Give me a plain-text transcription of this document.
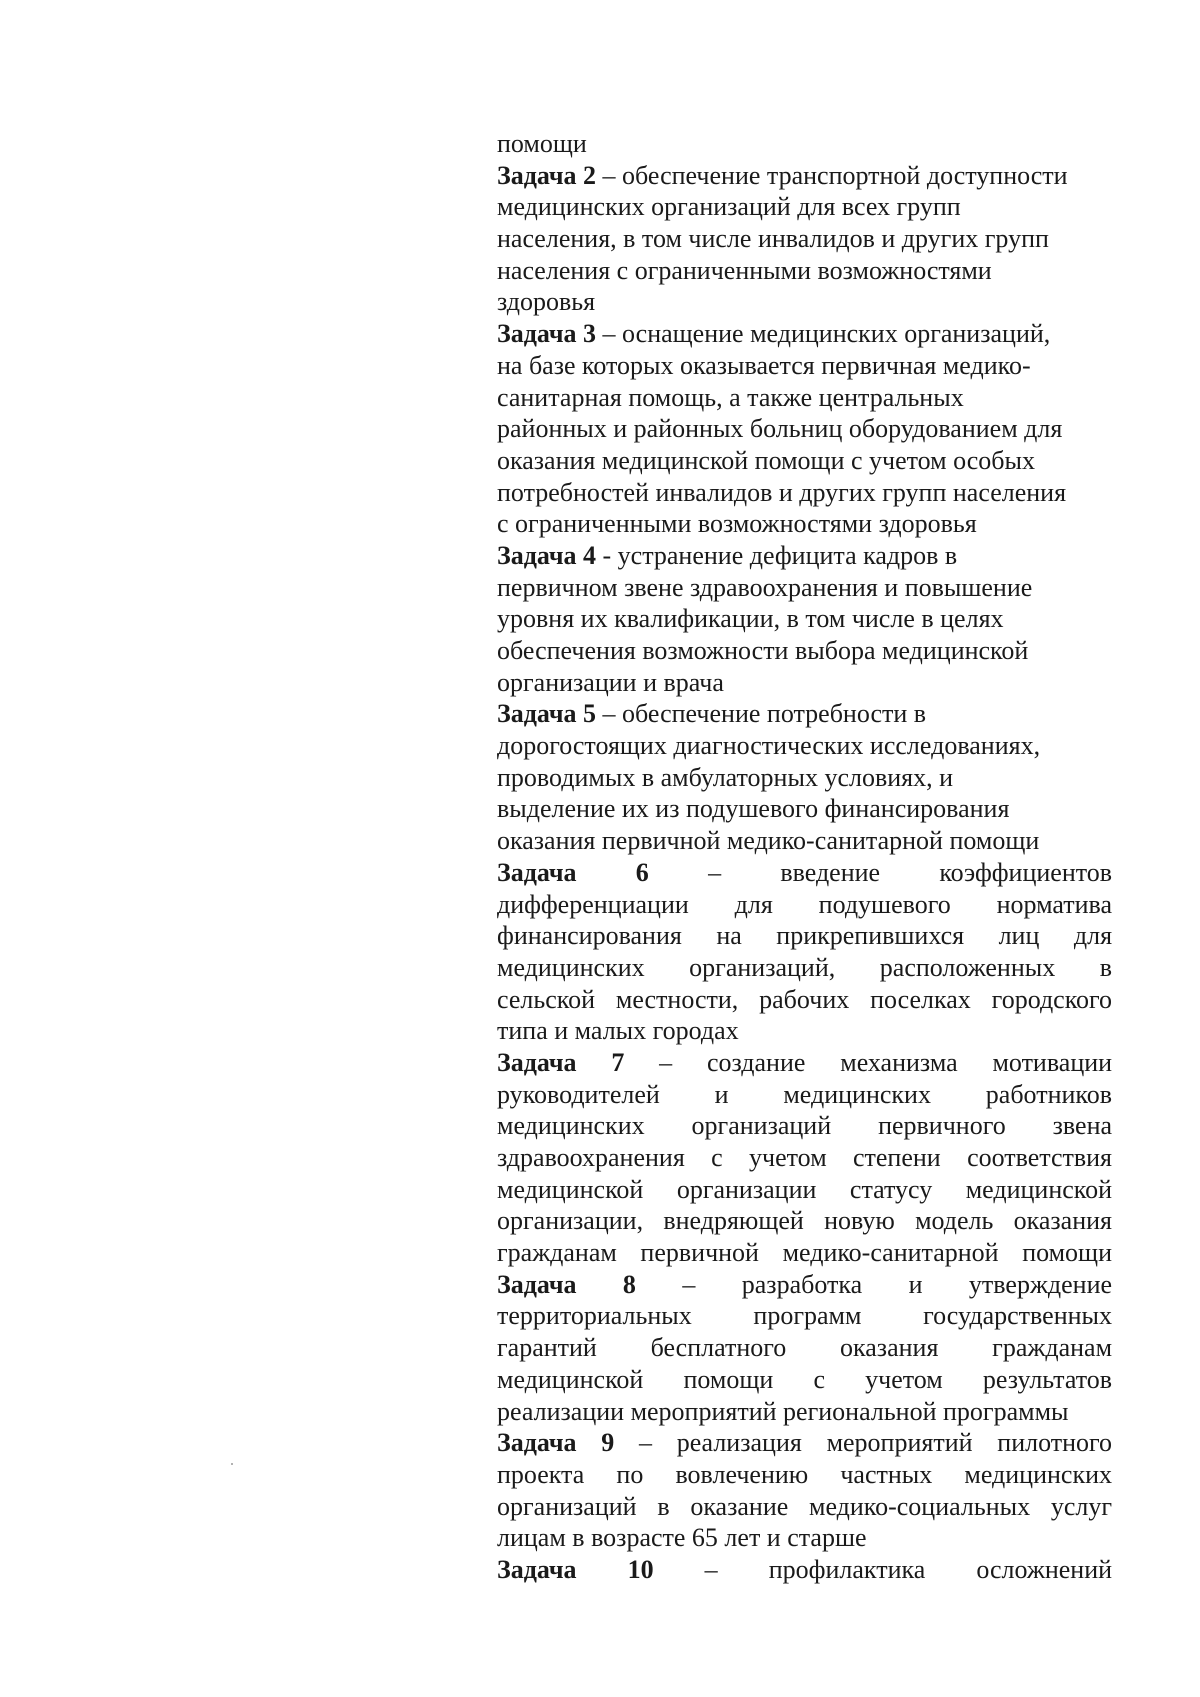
помощи
Задача 2 – обеспечение транспортной доступности
медицинских организаций для всех групп
населения, в том числе инвалидов и других групп
населения с ограниченными возможностями
здоровья
Задача 3 – оснащение медицинских организаций,
на базе которых оказывается первичная медико-
санитарная помощь, а также центральных
районных и районных больниц оборудованием для
оказания медицинской помощи с учетом особых
потребностей инвалидов и других групп населения
с ограниченными возможностями здоровья
Задача 4 - устранение дефицита кадров в
первичном звене здравоохранения и повышение
уровня их квалификации, в том числе в целях
обеспечения возможности выбора медицинской
организации и врача
Задача 5 – обеспечение потребности в
дорогостоящих диагностических исследованиях,
проводимых в амбулаторных условиях, и
выделение их из подушевого финансирования
оказания первичной медико-санитарной помощи
Задача 6 – введение коэффициентов
дифференциации для подушевого норматива
финансирования на прикрепившихся лиц для
медицинских организаций, расположенных в
сельской местности, рабочих поселках городского
типа и малых городах
Задача 7 – создание механизма мотивации
руководителей и медицинских работников
медицинских организаций первичного звена
здравоохранения с учетом степени соответствия
медицинской организации статусу медицинской
организации, внедряющей новую модель оказания
гражданам первичной медико-санитарной помощи
Задача 8 – разработка и утверждение
территориальных программ государственных
гарантий бесплатного оказания гражданам
медицинской помощи с учетом результатов
реализации мероприятий региональной программы
Задача 9 – реализация мероприятий пилотного
проекта по вовлечению частных медицинских
организаций в оказание медико-социальных услуг
лицам в возрасте 65 лет и старше
Задача 10 – профилактика осложнений
